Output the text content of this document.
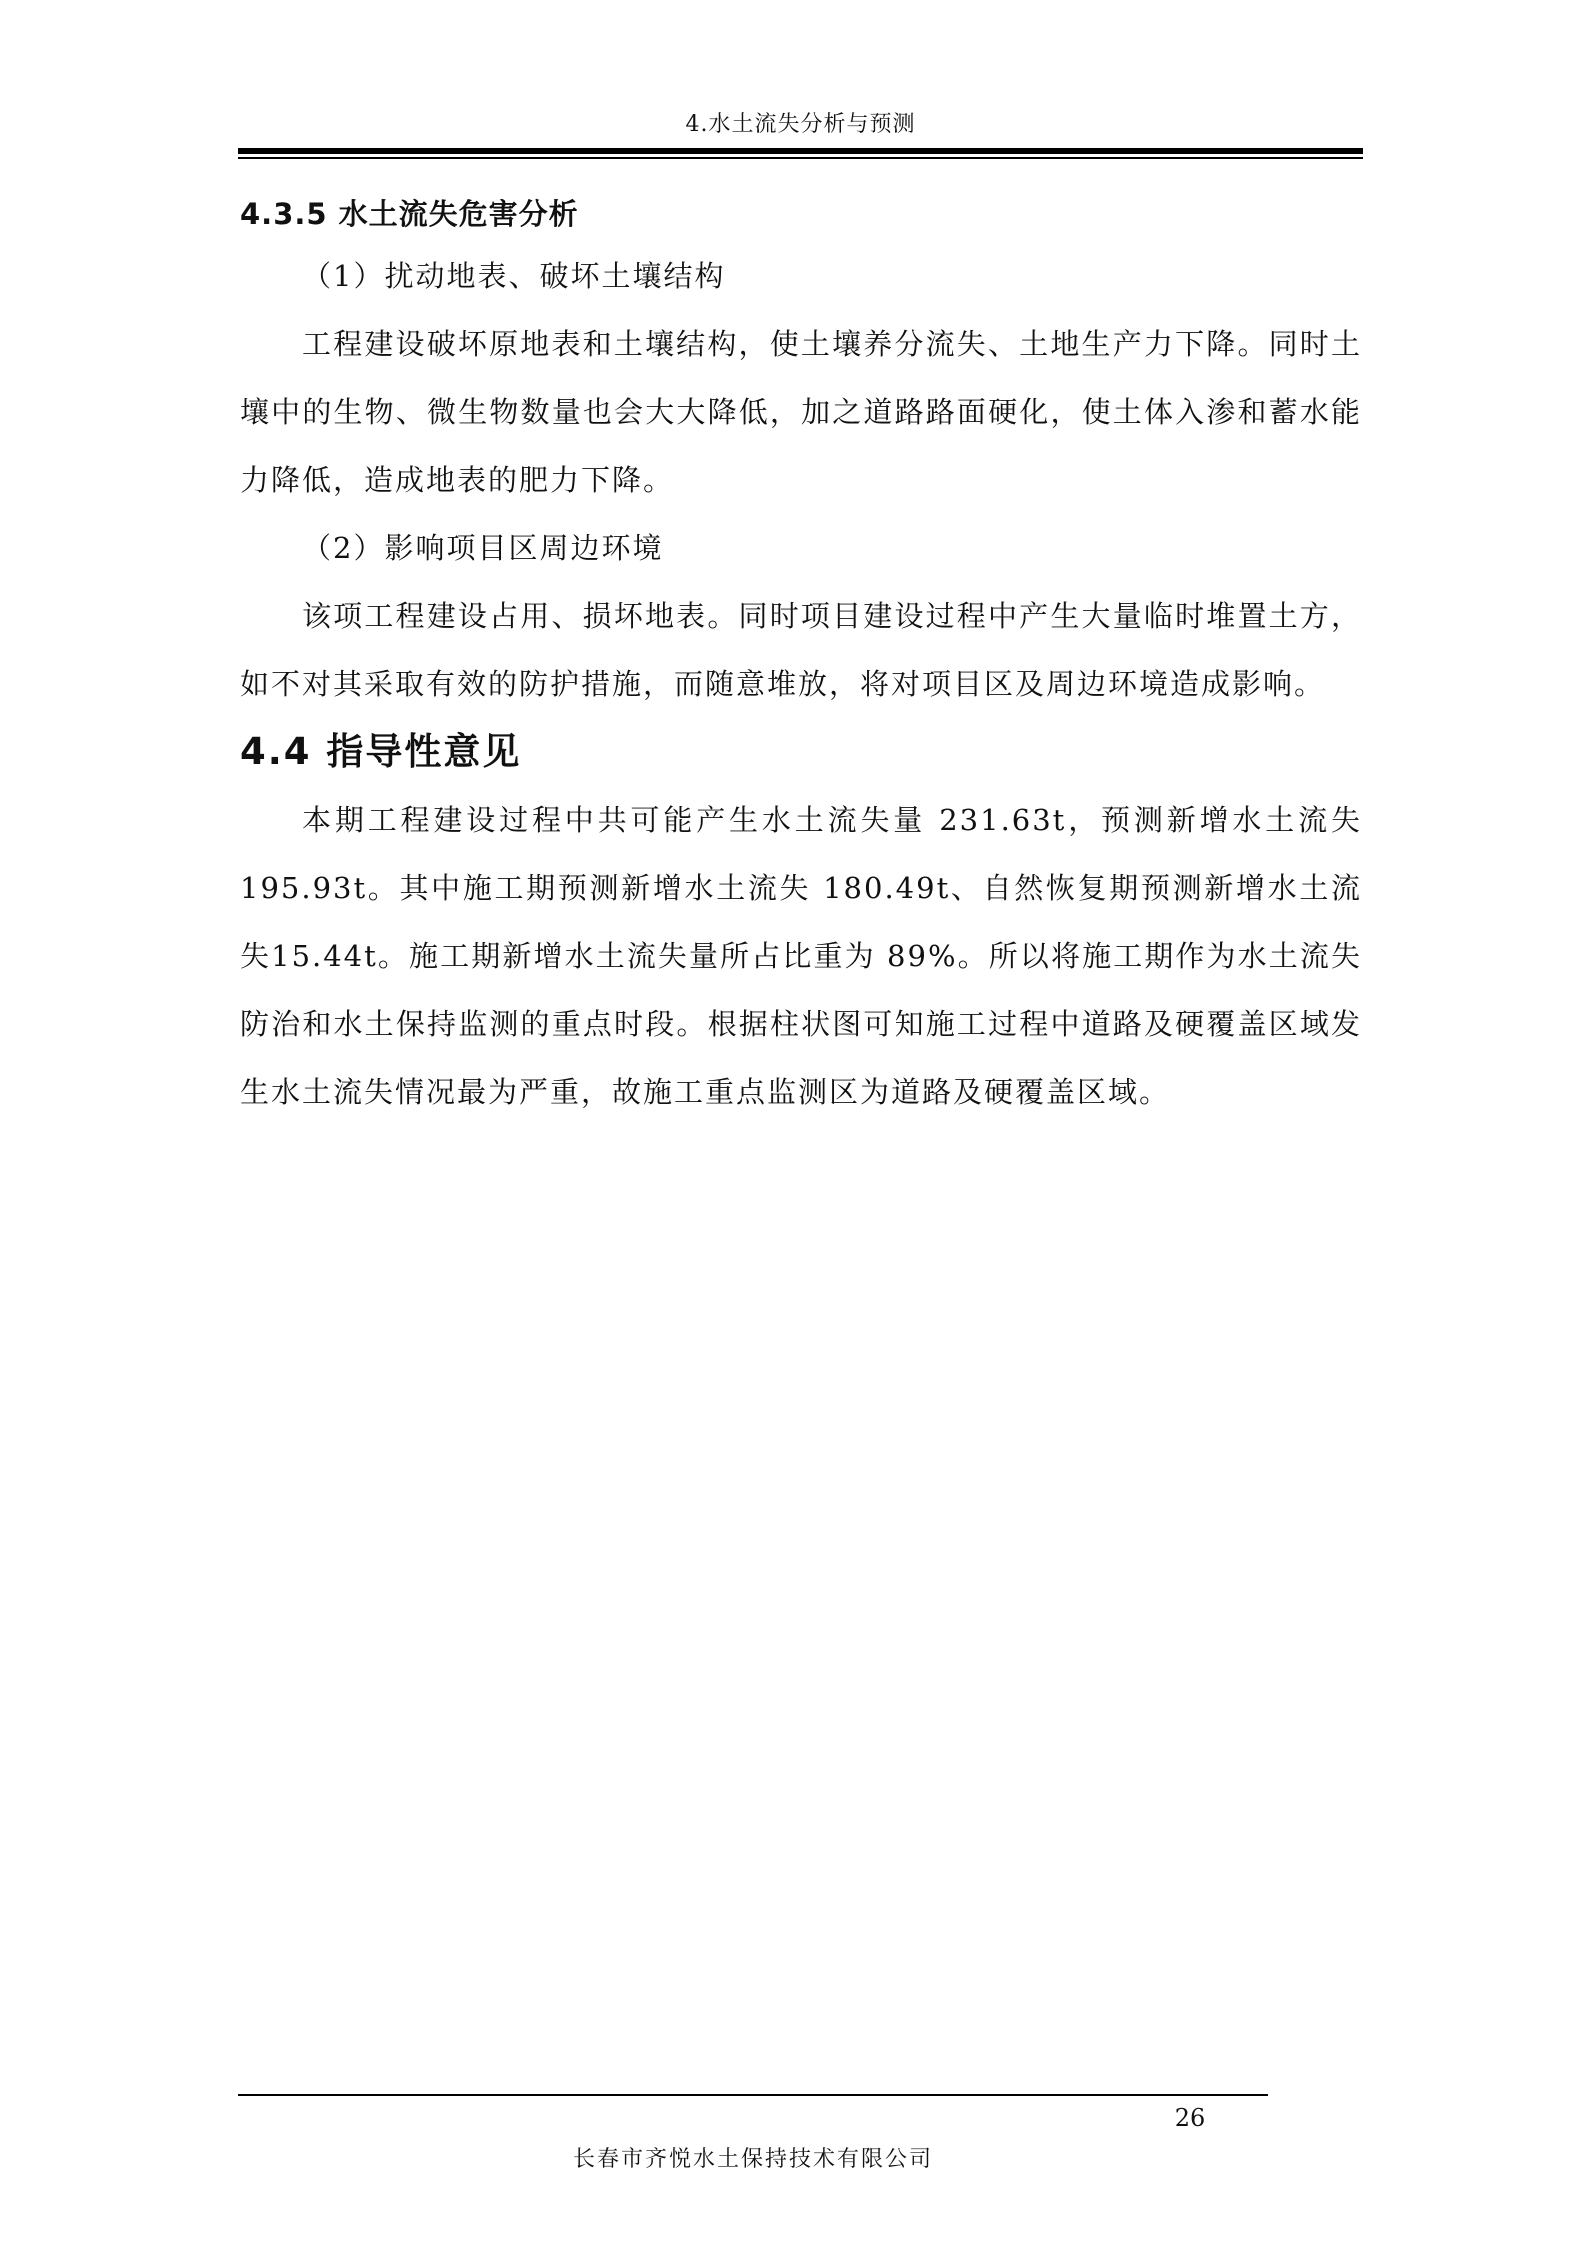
4.水土流失分析与预测
4.3.5 水土流失危害分析

（1）扰动地表、破坏土壤结构

工程建设破坏原地表和土壤结构，使土壤养分流失、土地生产力下降。同时土壤中的生物、微生物数量也会大大降低，加之道路路面硬化，使土体入渗和蓄水能力降低，造成地表的肥力下降。

（2）影响项目区周边环境

该项工程建设占用、损坏地表。同时项目建设过程中产生大量临时堆置土方，如不对其采取有效的防护措施，而随意堆放，将对项目区及周边环境造成影响。

4.4 指导性意见

本期工程建设过程中共可能产生水土流失量 231.63t，预测新增水土流失195.93t。其中施工期预测新增水土流失 180.49t、自然恢复期预测新增水土流失15.44t。施工期新增水土流失量所占比重为 89%。所以将施工期作为水土流失防治和水土保持监测的重点时段。根据柱状图可知施工过程中道路及硬覆盖区域发生水土流失情况最为严重，故施工重点监测区为道路及硬覆盖区域。

26
长春市齐悦水土保持技术有限公司
